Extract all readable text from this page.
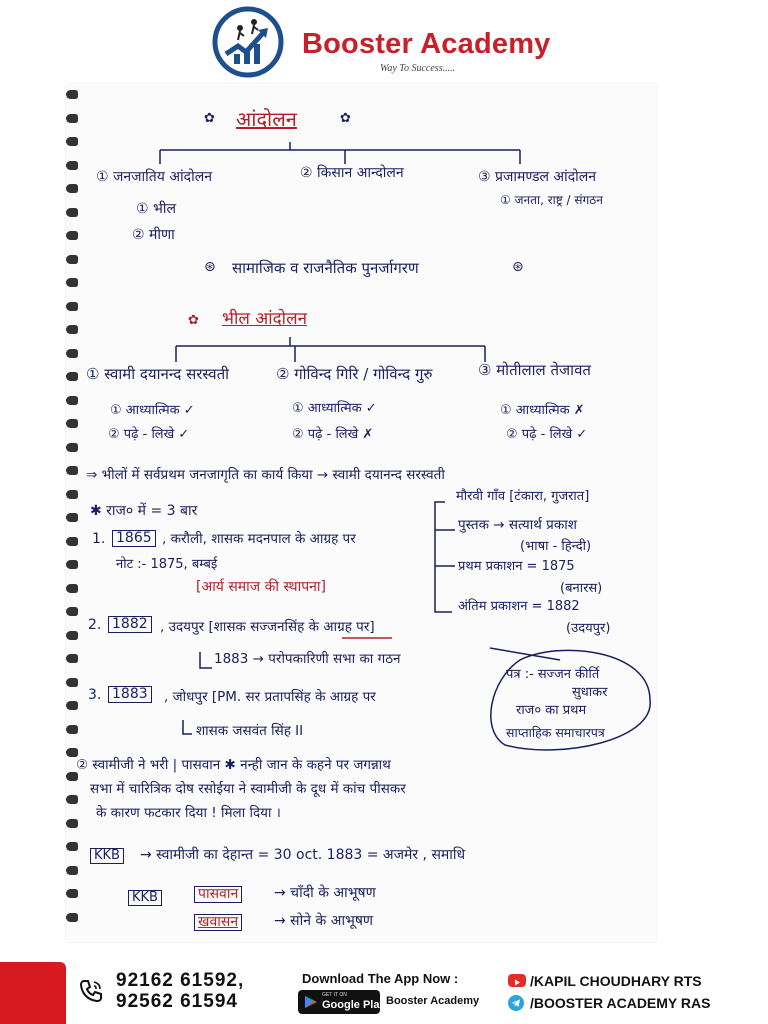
Booster Academy
Way To Success.....
आंदोलन
✿	✿
① जनजातिय आंदोलन	② किसान आन्दोलन	③ प्रजामण्डल आंदोलन
① भील
② मीणा
① जनता, राष्ट्र / संगठन
सामाजिक व राजनैतिक पुनर्जागरण
⊛	⊛
✿ भील आंदोलन
① स्वामी दयानन्द सरस्वती	② गोविन्द गिरि / गोविन्द गुरु	③ मोतीलाल तेजावत
① आध्यात्मिक ✓
② पढ़े - लिखे ✓
① आध्यात्मिक ✓
② पढ़े - लिखे ✗
① आध्यात्मिक ✗
② पढ़े - लिखे ✓
⇒ भीलों में सर्वप्रथम जनजागृति का कार्य किया → स्वामी दयानन्द सरस्वती
मौरवी गाँव [टंकारा, गुजरात]
✱ राज० में = 3 बार
1. 1865 , करौली, शासक मदनपाल के आग्रह पर
नोट :- 1875, बम्बई
[आर्य समाज की स्थापना]
पुस्तक → सत्यार्थ प्रकाश
(भाषा - हिन्दी)
प्रथम प्रकाशन = 1875
(बनारस)
अंतिम प्रकाशन = 1882
(उदयपुर)
2. 1882 , उदयपुर [शासक सज्जनसिंह के आग्रह पर]
1883 → परोपकारिणी सभा का गठन
पत्र :- सज्जन कीर्ति
सुधाकर
राज० का प्रथम
साप्ताहिक समाचारपत्र
3. 1883 , जोधपुर [PM. सर प्रतापसिंह के आग्रह पर
शासक जसवंत सिंह II
② स्वामीजी ने भरी | पासवान ✱ नन्ही जान के कहने पर जगन्नाथ
सभा में चारित्रिक दोष रसोईया ने स्वामीजी के दूध में कांच पीसकर
के कारण फटकार दिया ! मिला दिया ।
KKB → स्वामीजी का देहान्त = 30 oct. 1883 = अजमेर , समाधि
KKB	पासवान	→ चाँदी के आभूषण
खवासन	→ सोने के आभूषण
92162 61592,
92562 61594
Download The App Now :
GET IT ON
Google Play Booster Academy
/KAPIL CHOUDHARY RTS
/BOOSTER ACADEMY RAS
